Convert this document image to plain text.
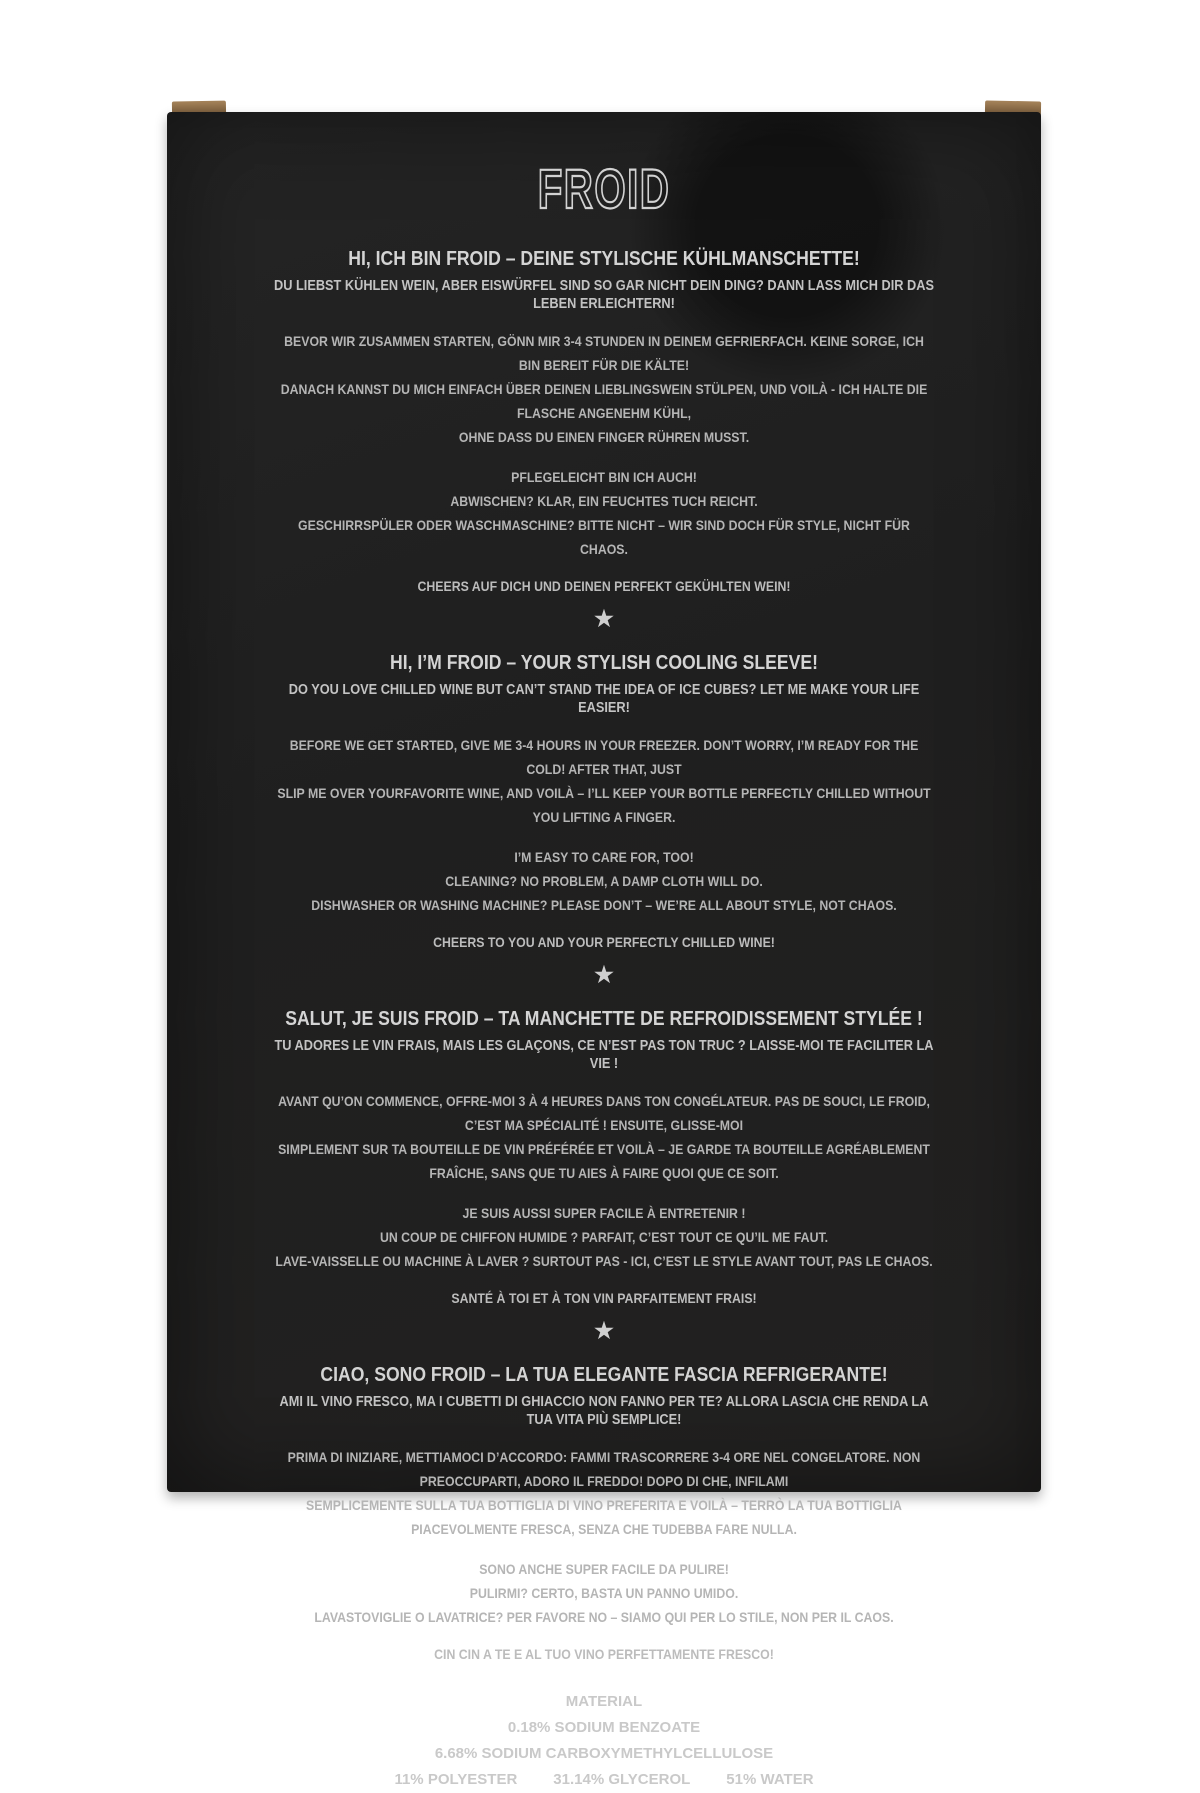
FROID
HI, ICH BIN FROID – DEINE STYLISCHE KÜHLMANSCHETTE!

DU LIEBST KÜHLEN WEIN, ABER EISWÜRFEL SIND SO GAR NICHT DEIN DING? DANN LASS MICH DIR DAS LEBEN ERLEICHTERN!

BEVOR WIR ZUSAMMEN STARTEN, GÖNN MIR 3-4 STUNDEN IN DEINEM GEFRIERFACH. KEINE SORGE, ICH BIN BEREIT FÜR DIE KÄLTE!
DANACH KANNST DU MICH EINFACH ÜBER DEINEN LIEBLINGSWEIN STÜLPEN, UND VOILÀ - ICH HALTE DIE FLASCHE ANGENEHM KÜHL,
OHNE DASS DU EINEN FINGER RÜHREN MUSST.
PFLEGELEICHT BIN ICH AUCH!
ABWISCHEN? KLAR, EIN FEUCHTES TUCH REICHT.
GESCHIRRSPÜLER ODER WASCHMASCHINE? BITTE NICHT – WIR SIND DOCH FÜR STYLE, NICHT FÜR CHAOS.

CHEERS AUF DICH UND DEINEN PERFEKT GEKÜHLTEN WEIN!

★
HI, I’M FROID – YOUR STYLISH COOLING SLEEVE!

DO YOU LOVE CHILLED WINE BUT CAN’T STAND THE IDEA OF ICE CUBES? LET ME MAKE YOUR LIFE EASIER!

BEFORE WE GET STARTED, GIVE ME 3-4 HOURS IN YOUR FREEZER. DON’T WORRY, I’M READY FOR THE COLD! AFTER THAT, JUST
SLIP ME OVER YOURFAVORITE WINE, AND VOILÀ – I’LL KEEP YOUR BOTTLE PERFECTLY CHILLED WITHOUT YOU LIFTING A FINGER.
I’M EASY TO CARE FOR, TOO!
CLEANING? NO PROBLEM, A DAMP CLOTH WILL DO.
DISHWASHER OR WASHING MACHINE? PLEASE DON’T – WE’RE ALL ABOUT STYLE, NOT CHAOS.

CHEERS TO YOU AND YOUR PERFECTLY CHILLED WINE!

★
SALUT, JE SUIS FROID – TA MANCHETTE DE REFROIDISSEMENT STYLÉE !

TU ADORES LE VIN FRAIS, MAIS LES GLAÇONS, CE N’EST PAS TON TRUC ? LAISSE-MOI TE FACILITER LA VIE !

AVANT QU’ON COMMENCE, OFFRE-MOI 3 À 4 HEURES DANS TON CONGÉLATEUR. PAS DE SOUCI, LE FROID, C’EST MA SPÉCIALITÉ ! ENSUITE, GLISSE-MOI
SIMPLEMENT SUR TA BOUTEILLE DE VIN PRÉFÉRÉE ET VOILÀ – JE GARDE TA BOUTEILLE AGRÉABLEMENT FRAÎCHE, SANS QUE TU AIES À FAIRE QUOI QUE CE SOIT.
JE SUIS AUSSI SUPER FACILE À ENTRETENIR !
UN COUP DE CHIFFON HUMIDE ? PARFAIT, C’EST TOUT CE QU’IL ME FAUT.
LAVE-VAISSELLE OU MACHINE À LAVER ? SURTOUT PAS - ICI, C’EST LE STYLE AVANT TOUT, PAS LE CHAOS.

SANTÉ À TOI ET À TON VIN PARFAITEMENT FRAIS!

★
CIAO, SONO FROID – LA TUA ELEGANTE FASCIA REFRIGERANTE!

AMI IL VINO FRESCO, MA I CUBETTI DI GHIACCIO NON FANNO PER TE? ALLORA LASCIA CHE RENDA LA TUA VITA PIÙ SEMPLICE!

PRIMA DI INIZIARE, METTIAMOCI D’ACCORDO: FAMMI TRASCORRERE 3-4 ORE NEL CONGELATORE. NON PREOCCUPARTI, ADORO IL FREDDO! DOPO DI CHE, INFILAMI
SEMPLICEMENTE SULLA TUA BOTTIGLIA DI VINO PREFERITA E VOILÀ – TERRÒ LA TUA BOTTIGLIA PIACEVOLMENTE FRESCA, SENZA CHE TUDEBBA FARE NULLA.
SONO ANCHE SUPER FACILE DA PULIRE!
PULIRMI? CERTO, BASTA UN PANNO UMIDO.
LAVASTOVIGLIE O LAVATRICE? PER FAVORE NO – SIAMO QUI PER LO STILE, NON PER IL CAOS.

CIN CIN A TE E AL TUO VINO PERFETTAMENTE FRESCO!

MATERIAL
0.18% SODIUM BENZOATE
6.68% SODIUM CARBOXYMETHYLCELLULOSE
11% POLYESTER 31.14% GLYCEROL 51% WATER
